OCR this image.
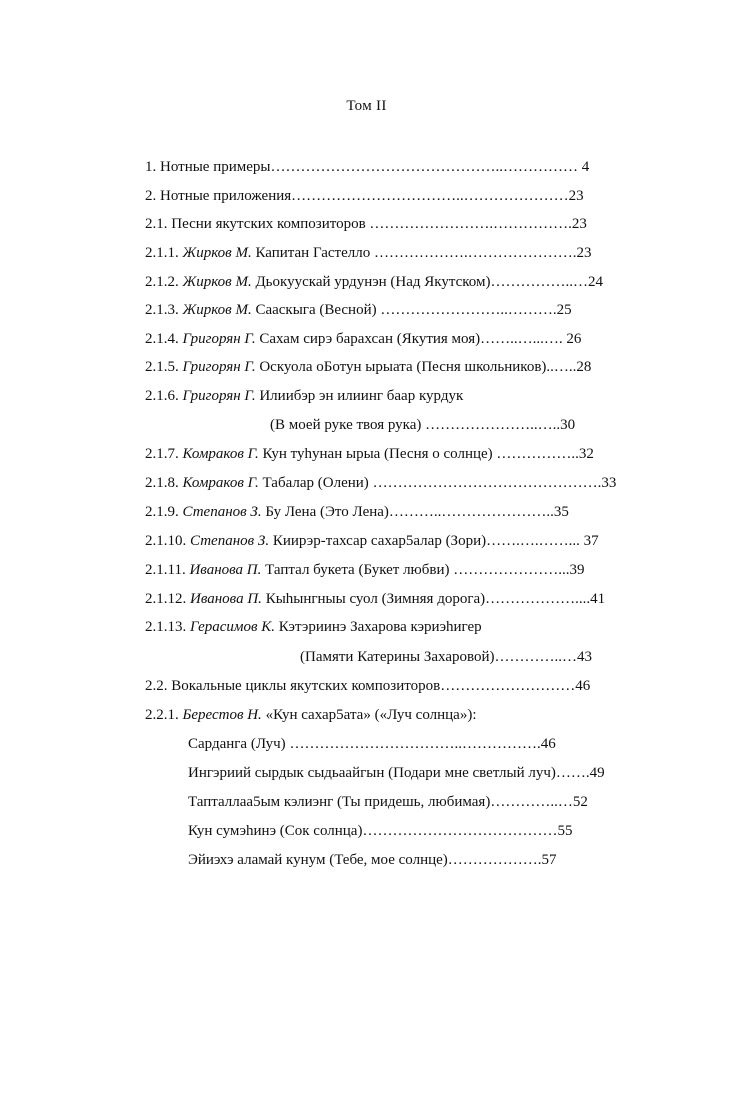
Том II
1. Нотные примеры………………………………………..…………… 4
2. Нотные приложения……………………………..…………………23
2.1. Песни якутских композиторов …………………….…………….23
2.1.1. Жирков М. Капитан Гастелло ……………….………………….23
2.1.2. Жирков М. Дьокуускай урдунэн (Над Якутском)……………..…24
2.1.3. Жирков М. Сааскыга (Весной) ……………………..……….25
2.1.4. Григорян Г. Сахам сирэ барахсан (Якутия моя)……..…...…. 26
2.1.5. Григорян Г. Оскуола оБотун ырыата (Песня школьников)..…..28
2.1.6. Григорян Г. Илиибэр эн илиинг баар курдук
(В моей руке твоя рука) …………………..…..30
2.1.7. Комраков Г. Кун туhунан ырыа (Песня о солнце) ……………..32
2.1.8. Комраков Г. Табалар (Олени) ……………………………………….33
2.1.9. Степанов З. Бу Лена (Это Лена)………..…………………..35
2.1.10. Степанов З. Киирэр-тахсар сахар5алар (Зори)…….….……... 37
2.1.11. Иванова П. Таптал букета (Букет любви) …………………...39
2.1.12. Иванова П. Кыhынгныы суол (Зимняя дорога)………………....41
2.1.13. Герасимов К. Кэтэриинэ Захарова кэриэhигер
(Памяти Катерины Захаровой)…………..…43
2.2. Вокальные циклы якутских композиторов………………………46
2.2.1. Берестов Н. «Кун сахар5ата» («Луч солнца»):
Сарданга (Луч) ……………………………..…………….46
Ингэриий сырдык сыдьаайгын (Подари мне светлый луч)…….49
Тапталлаа5ым кэлиэнг (Ты придешь, любимая)…………..…52
Кун сумэhинэ (Сок солнца)…………………………………55
Эйиэхэ аламай кунум (Тебе, мое солнце)……………….57
